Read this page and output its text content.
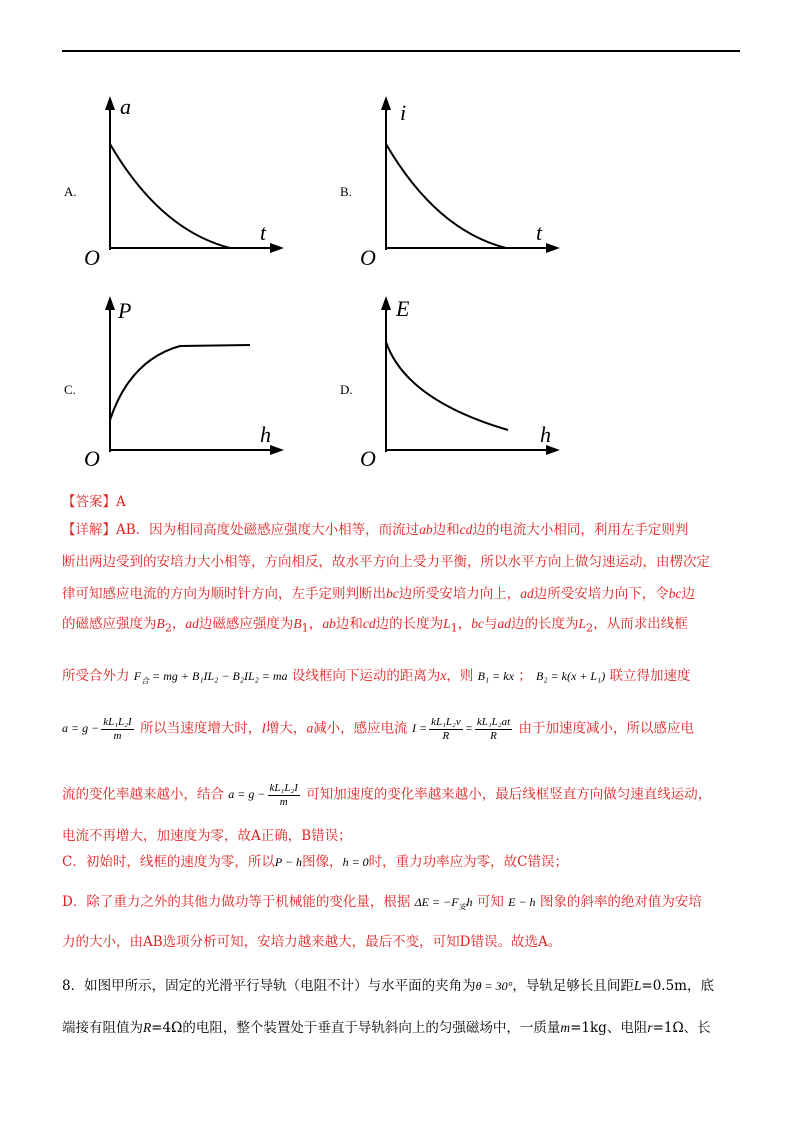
A.
a
t
O
B.
i
t
O
C.
P
h
O
D.
E
h
O
【答案】A
【详解】AB．因为相同高度处磁感应强度大小相等，而流过ab边和cd边的电流大小相同，利用左手定则判
断出两边受到的安培力大小相等，方向相反，故水平方向上受力平衡，所以水平方向上做匀速运动，由楞次定
律可知感应电流的方向为顺时针方向，左手定则判断出bc边所受安培力向上，ad边所受安培力向下，令bc边
的磁感应强度为$B_2$，ad边磁感应强度为$B_1$，ab边和cd边的长度为$L_1$，bc与ad边的长度为$L_2$，从而求出线框
所受合外力 $F_合$ = mg + B₁IL₂ − B₂IL₂ = ma 设线框向下运动的距离为x，则 B₁ = kx ； B₂ = k(x + L₁) 联立得加速度
$a = g - \frac{\text{kL₁L₂I}}{m}$ 所以当速度增大时，I增大，a减小，感应电流 $I = \frac{\text{kL₁L₂v}}{R} = \frac{\text{kL₁L₂at}}{R}$ 由于加速度减小，所以感应电
流的变化率越来越小，结合 $a = g - \frac{\text{kL₁L₂I}}{m}$ 可知加速度的变化率越来越小，最后线框竖直方向做匀速直线运动，
电流不再增大，加速度为零，故A正确，B错误；
C．初始时，线框的速度为零，所以P − h图像，h = 0时，重力功率应为零，故C错误；
D．除了重力之外的其他力做功等于机械能的变化量，根据 $\Delta E = -F_安h$ 可知 E − h 图象的斜率的绝对值为安培
力的大小，由AB选项分析可知，安培力越来越大，最后不变，可知D错误。故选A。
8．如图甲所示，固定的光滑平行导轨（电阻不计）与水平面的夹角为θ = 30°，导轨足够长且间距L=0.5m，底
端接有阻值为R=4Ω的电阻，整个装置处于垂直于导轨斜向上的匀强磁场中，一质量m=1kg、电阻r=1Ω、长
